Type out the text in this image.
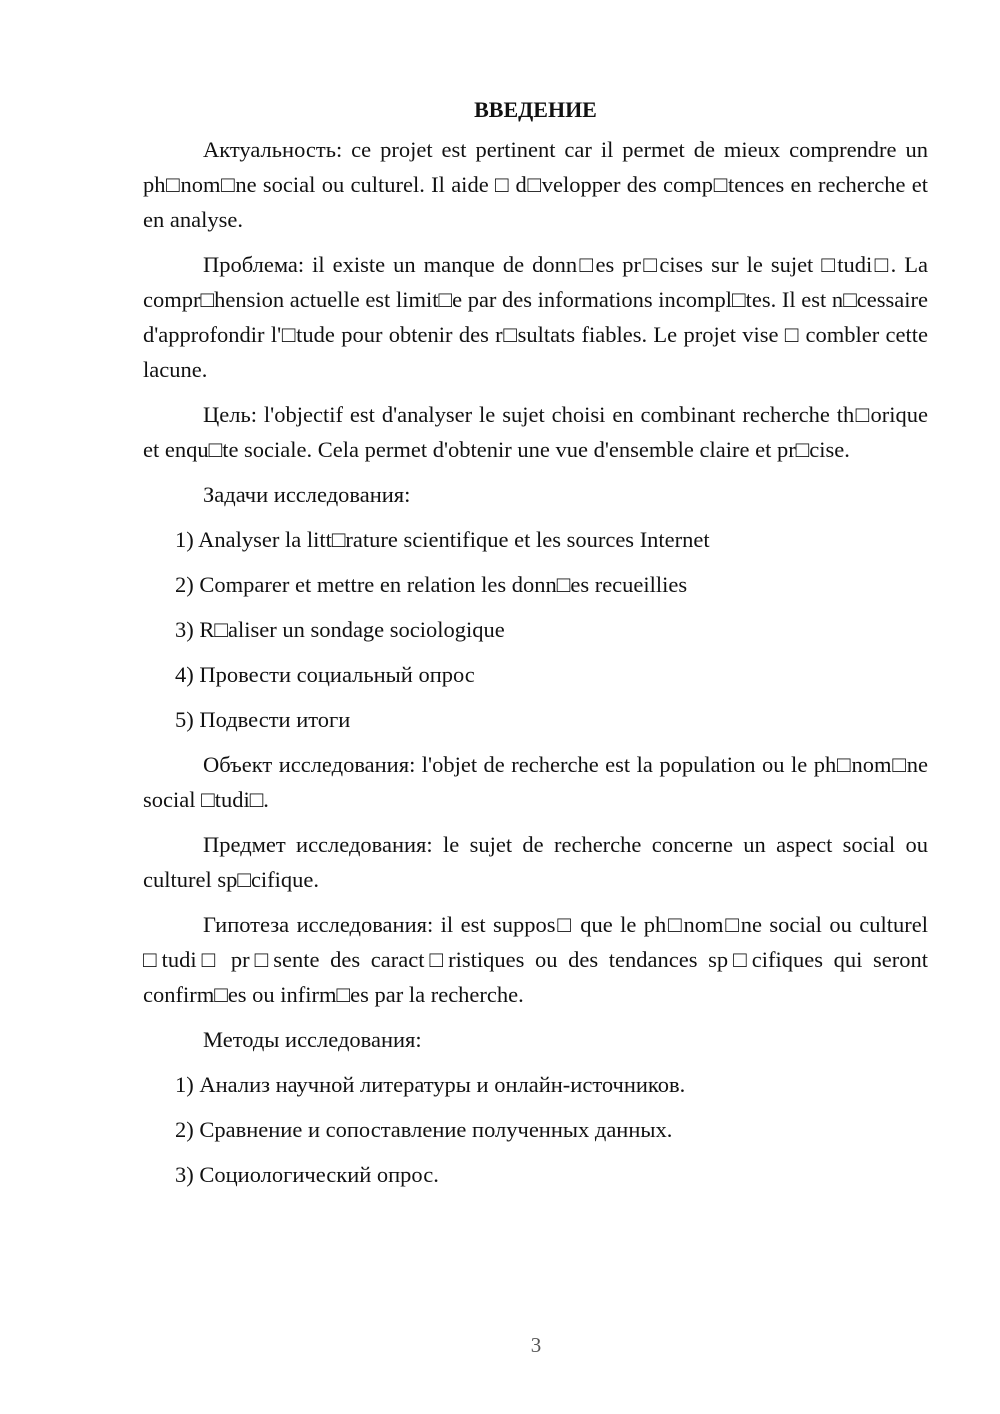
ВВЕДЕНИЕ

Актуальность: ce projet est pertinent car il permet de mieux comprendre un ph□nom□ne social ou culturel. Il aide □ d□velopper des comp□tences en recherche et en analyse.

Проблема: il existe un manque de donn□es pr□cises sur le sujet □tudi□. La compr□hension actuelle est limit□e par des informations incompl□tes. Il est n□cessaire d'approfondir l'□tude pour obtenir des r□sultats fiables. Le projet vise □ combler cette lacune.

Цель: l'objectif est d'analyser le sujet choisi en combinant recherche th□orique et enqu□te sociale. Cela permet d'obtenir une vue d'ensemble claire et pr□cise.

Задачи исследования:

1) Analyser la litt□rature scientifique et les sources Internet
2) Comparer et mettre en relation les donn□es recueillies
3) R□aliser un sondage sociologique
4) Провести социальный опрос
5) Подвести итоги

Объект исследования: l'objet de recherche est la population ou le ph□nom□ne social □tudi□.

Предмет исследования: le sujet de recherche concerne un aspect social ou culturel sp□cifique.

Гипотеза исследования: il est suppos□ que le ph□nom□ne social ou culturel □tudi□ pr□sente des caract□ristiques ou des tendances sp□cifiques qui seront confirm□es ou infirm□es par la recherche.

Методы исследования:

1) Анализ научной литературы и онлайн-источников.
2) Сравнение и сопоставление полученных данных.
3) Социологический опрос.
3
